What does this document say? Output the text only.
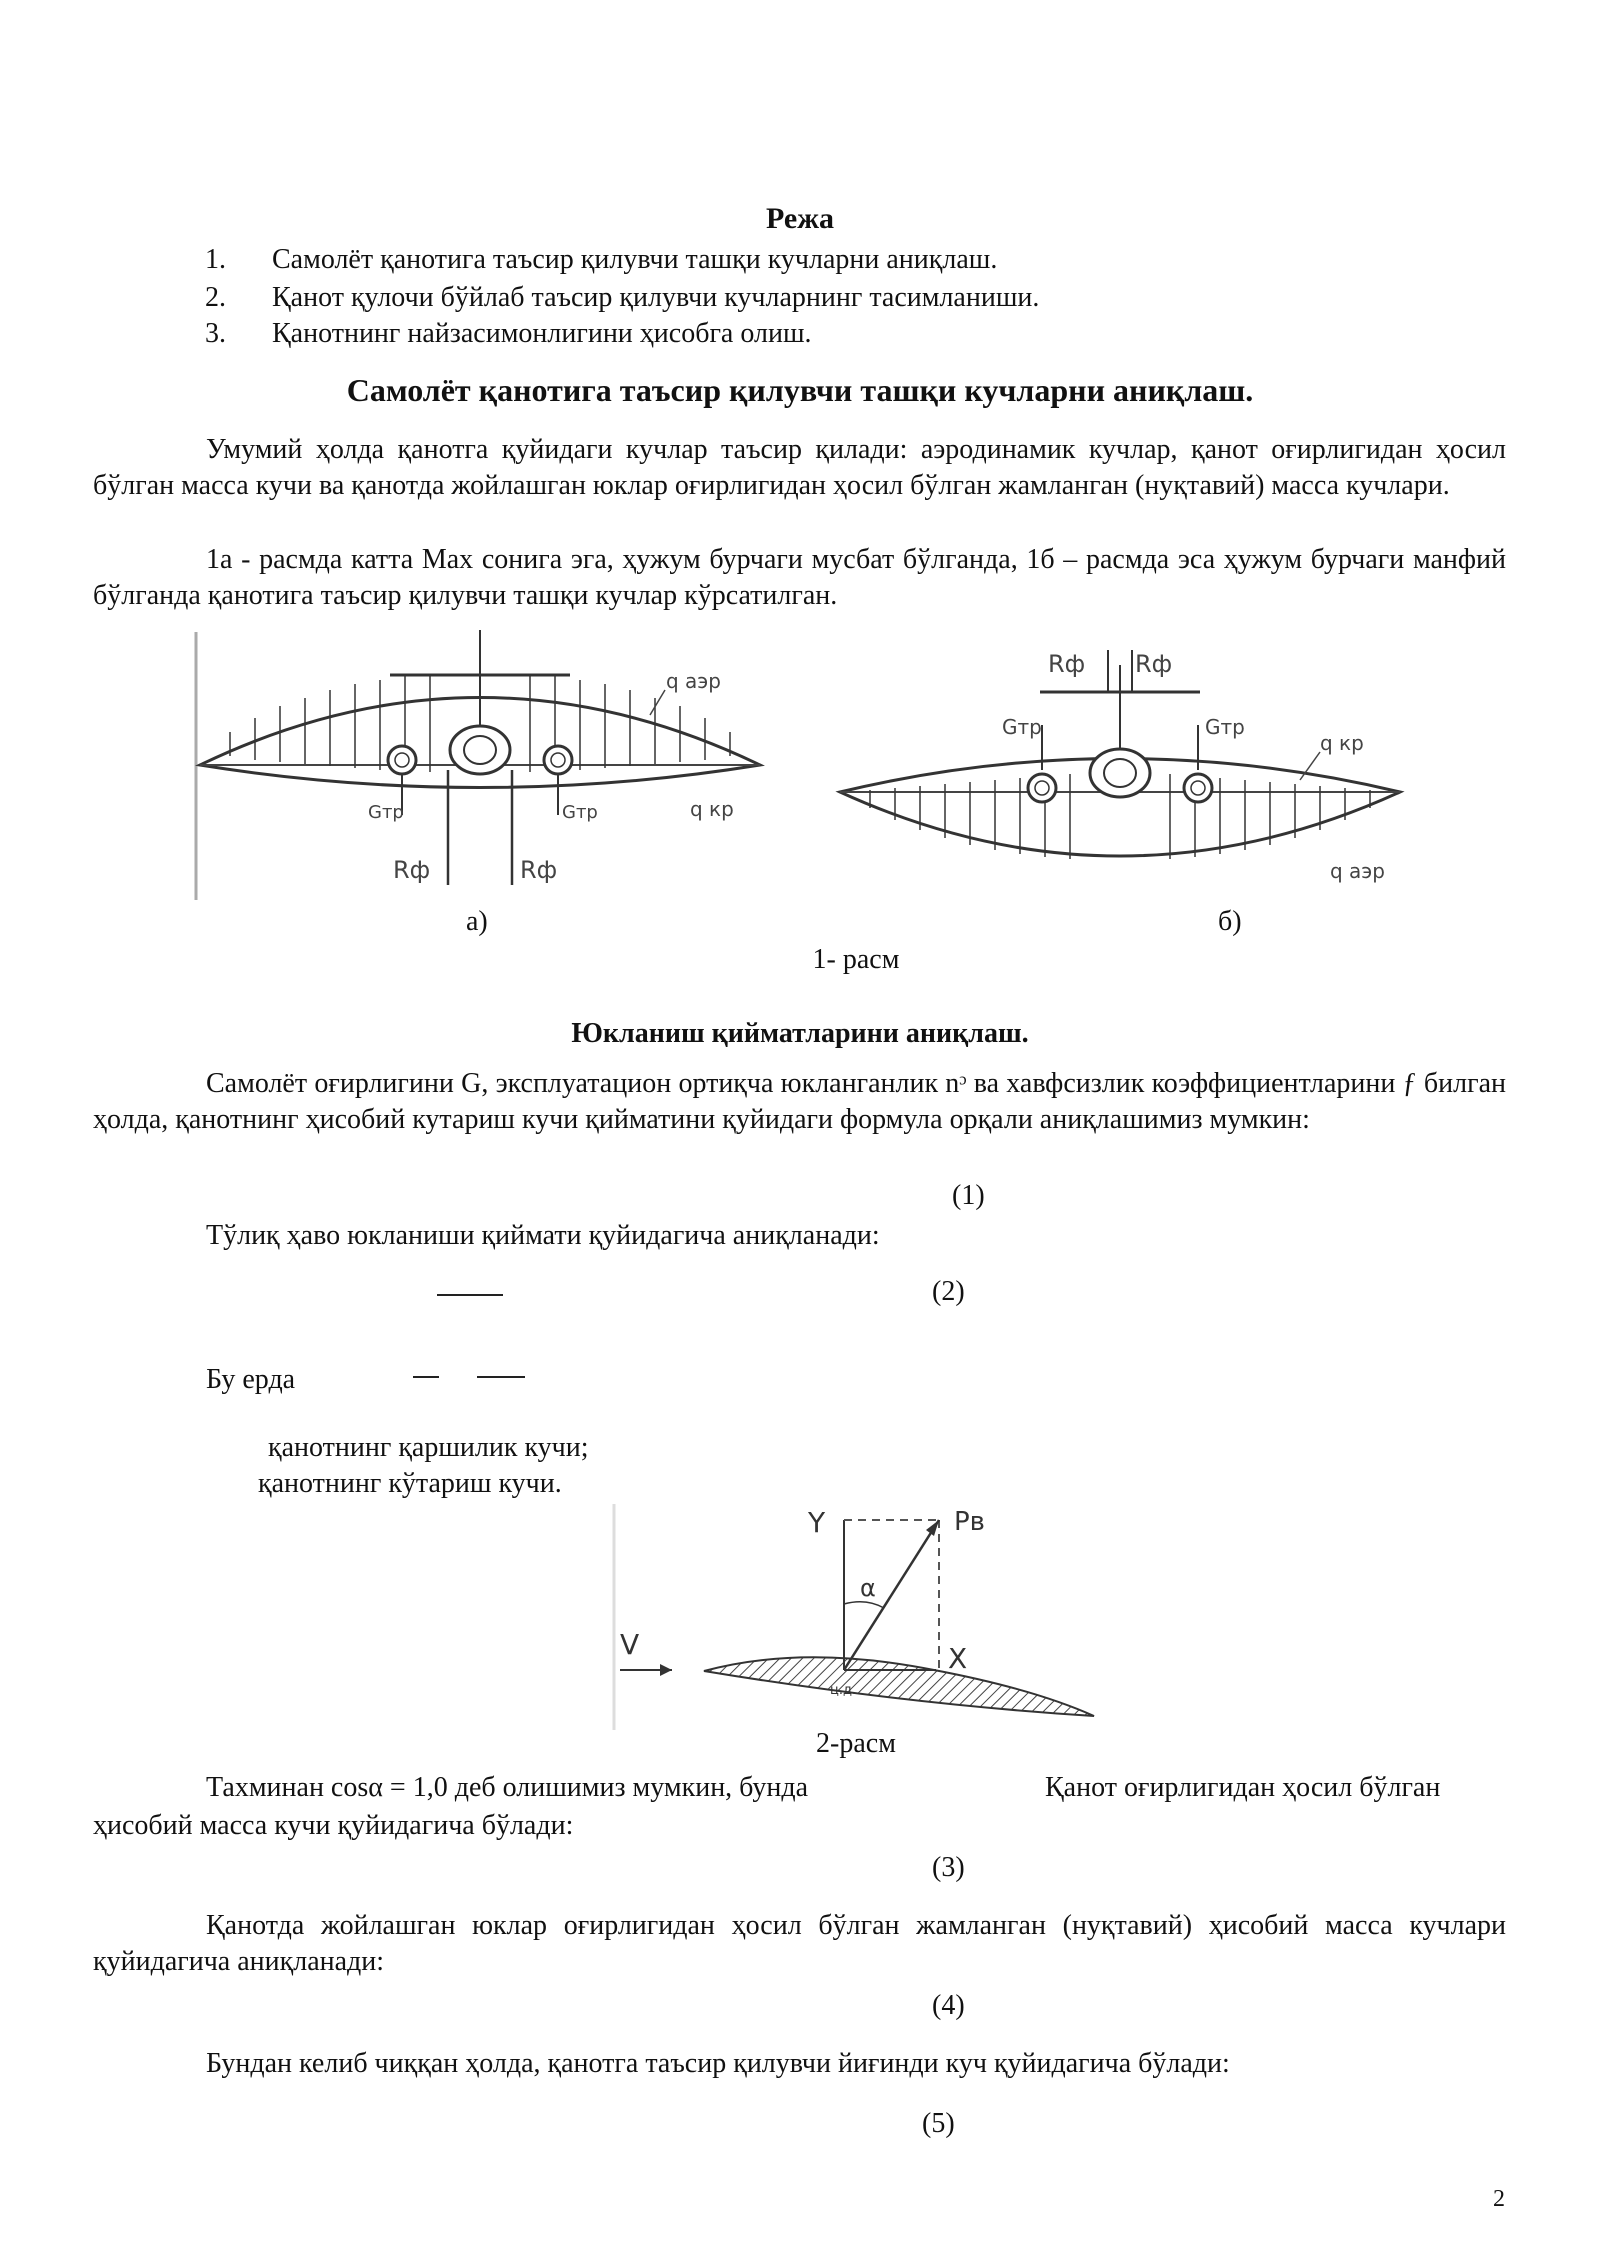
Режа
1.	Самолёт қанотига таъсир қилувчи ташқи кучларни аниқлаш.
2.	Қанот қулочи бўйлаб таъсир қилувчи кучларнинг тасимланиши.
3.	Қанотнинг найзасимонлигини ҳисобга олиш.
Самолёт қанотига таъсир қилувчи ташқи кучларни аниқлаш.
Умумий ҳолда қанотга қуйидаги кучлар таъсир қилади: аэродинамик кучлар, қанот оғирлигидан ҳосил бўлган масса кучи ва қанотда жойлашган юклар оғирлигидан ҳосил бўлган жамланган (нуқтавий) масса кучлари.
1а - расмда катта Мах сонига эга, ҳужум бурчаги мусбат бўлганда, 1б – расмда эса ҳужум бурчаги манфий бўлганда қанотига таъсир қилувчи ташқи кучлар кўрсатилган.
q аэр
Gтр	Gтр	q кр
Rф	Rф
Rф Rф
Gтр	Gтр
q кр
q аэр
а)	б)
1- расм
Юкланиш қийматларини аниқлаш.
Самолёт оғирлигини G, эксплуатацион ортиқча юкланганлик nᵓ ва хавфсизлик коэффициентларини ƒ билган ҳолда, қанотнинг ҳисобий кутариш кучи қийматини қуйидаги формула орқали аниқлашимиз мумкин:
(1)
Тўлиқ ҳаво юкланиши қиймати қуйидагича аниқланади:
(2)
Бу ерда
қанотнинг қаршилик кучи;
қанотнинг кўтариш кучи.
Y	Pв
α
V	X
ц.д.
2-расм
Тахминан cosα = 1,0 деб олишимиз мумкин, бунда	Қанот оғирлигидан ҳосил бўлган
ҳисобий масса кучи қуйидагича бўлади:
(3)
Қанотда жойлашган юклар оғирлигидан ҳосил бўлган жамланган (нуқтавий) ҳисобий масса кучлари қуйидагича аниқланади:
(4)
Бундан келиб чиққан ҳолда, қанотга таъсир қилувчи йиғинди куч қуйидагича бўлади:
(5)
2
